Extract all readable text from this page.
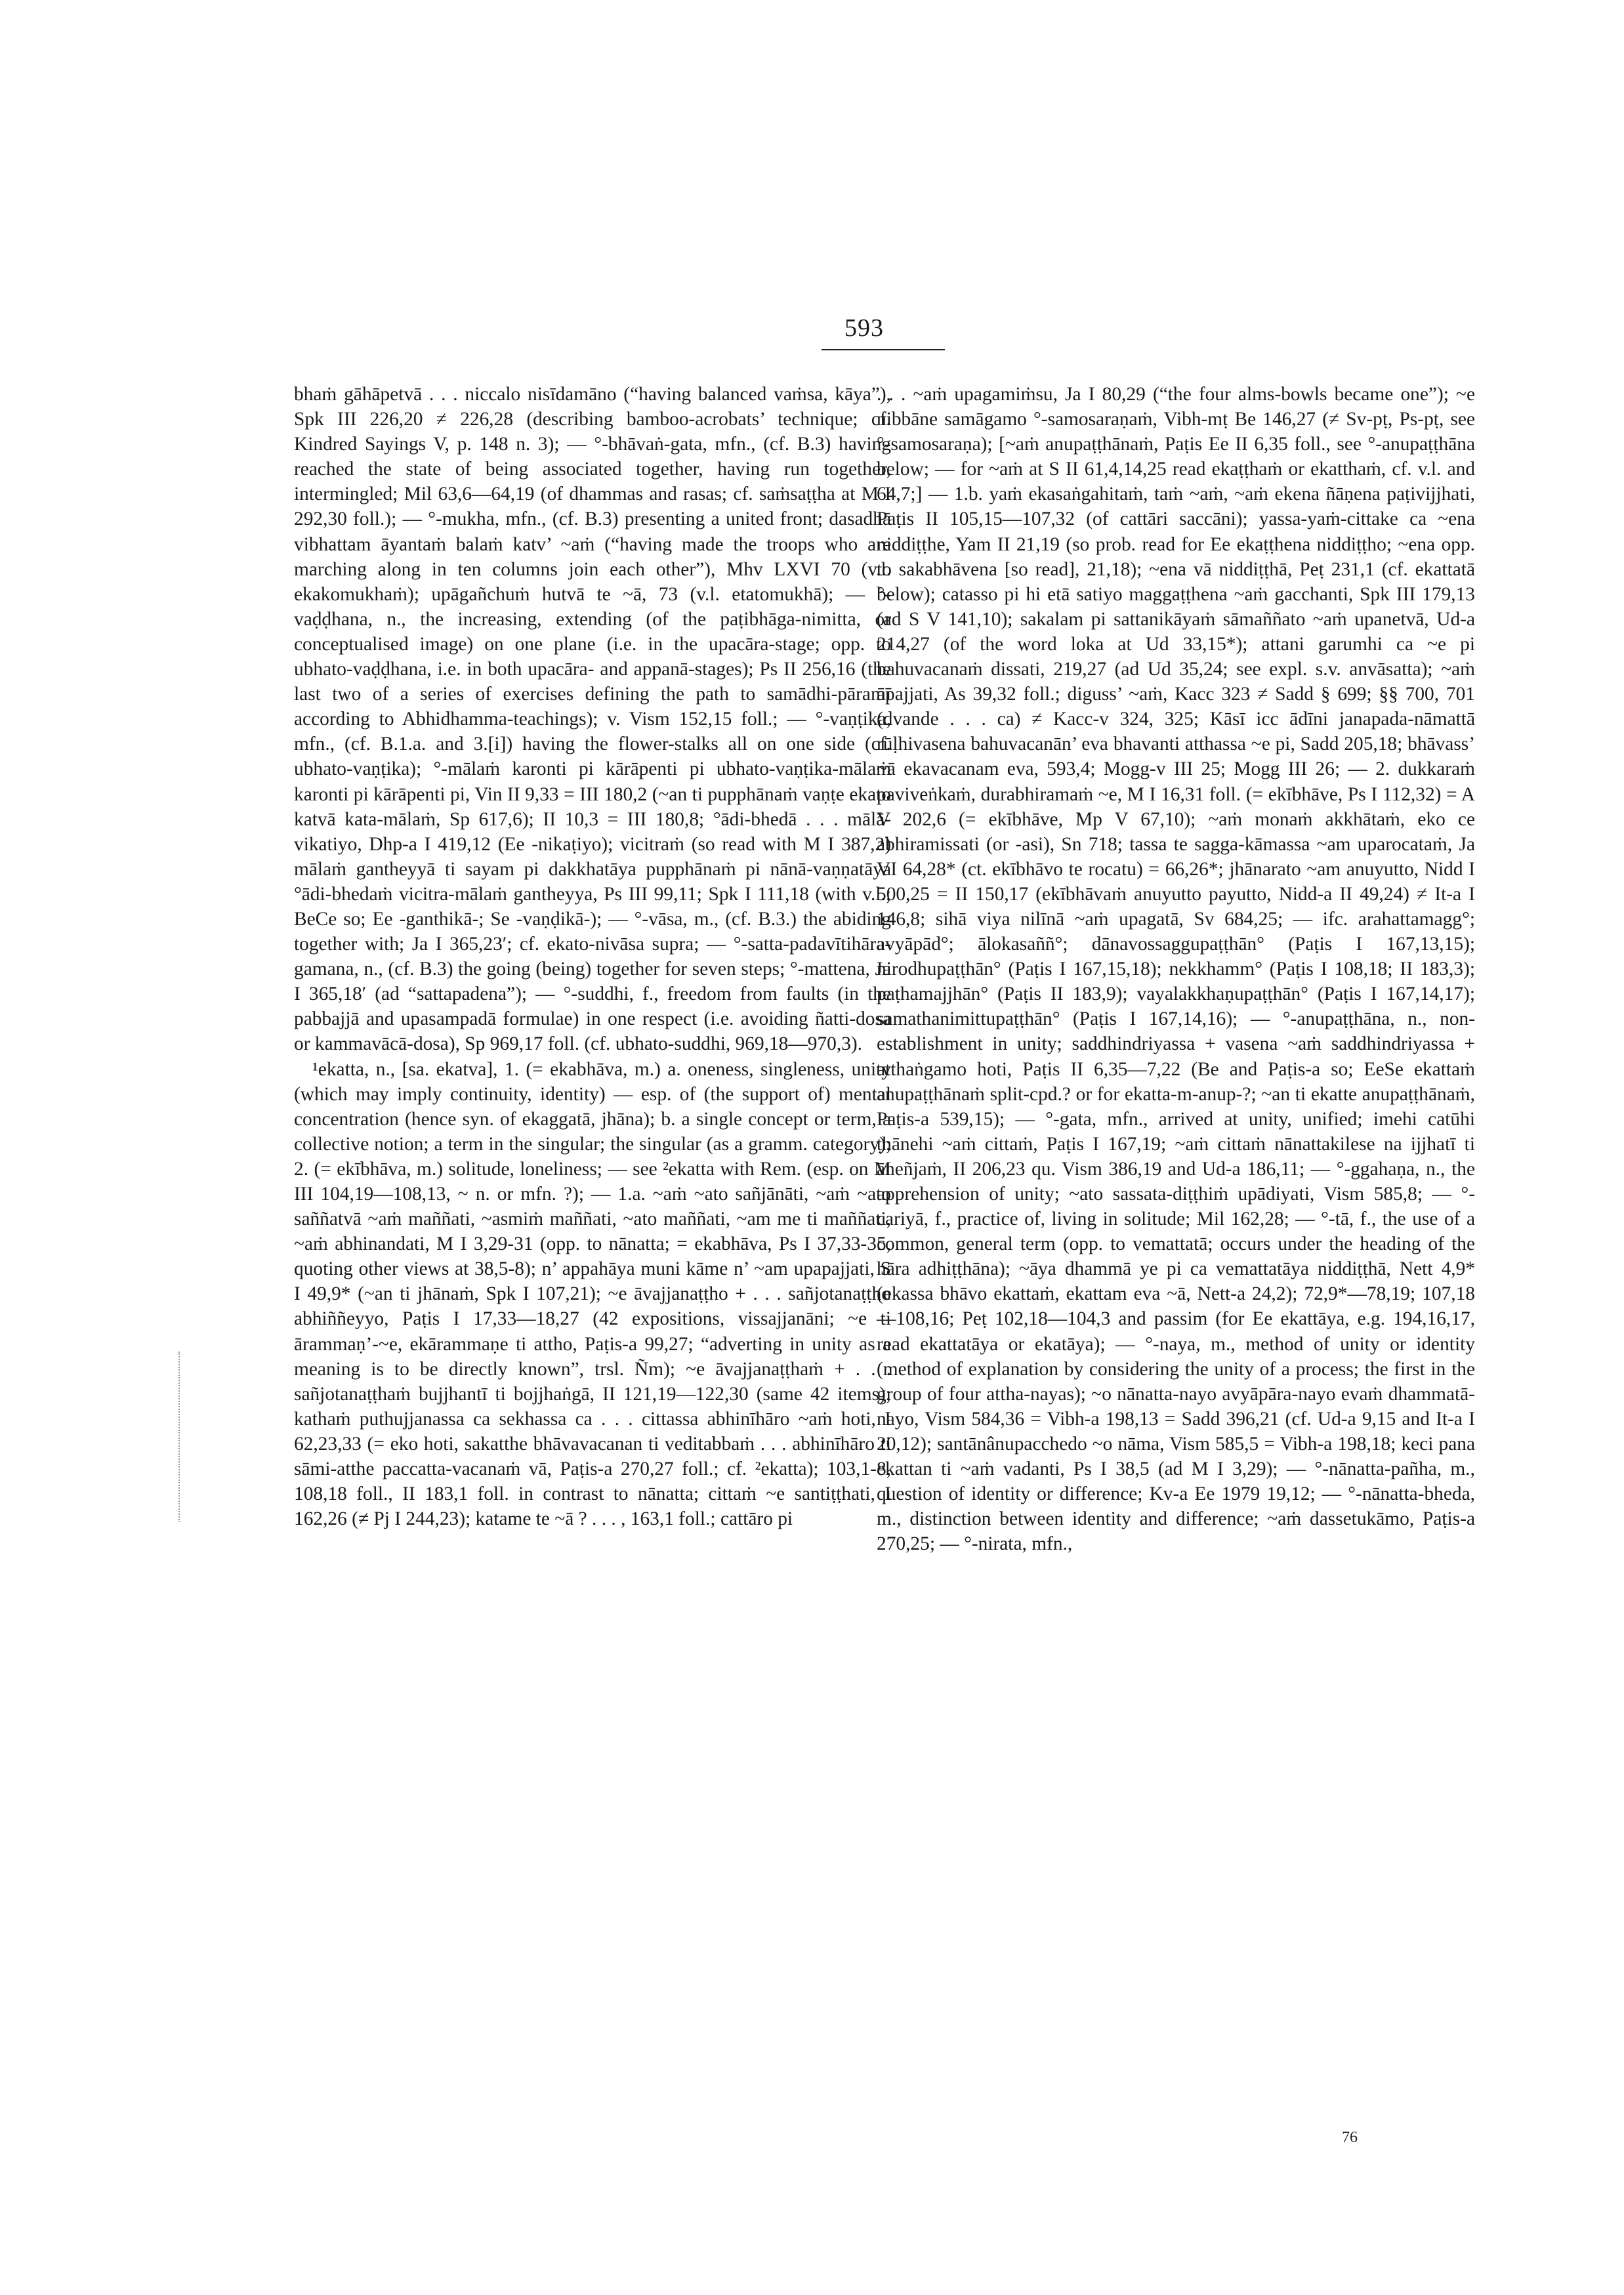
593

bhaṁ gāhāpetvā . . . niccalo nisīdamāno (“having balanced vaṁsa, kāya”), Spk III 226,20 ≠ 226,28 (describing bamboo-acrobats’ technique; cf. Kindred Sayings V, p. 148 n. 3); — °-bhāvaṅ-gata, mfn., (cf. B.3) having reached the state of being associated together, having run together, intermingled; Mil 63,6—64,19 (of dhammas and rasas; cf. saṁsaṭṭha at M I 292,30 foll.); — °-mukha, mfn., (cf. B.3) presenting a united front; dasadhā vibhattam āyantaṁ balaṁ katv’ ~aṁ (“having made the troops who are marching along in ten columns join each other”), Mhv LXVI 70 (v.l. ekakomukhaṁ); upāgañchuṁ hutvā te ~ā, 73 (v.l. etatomukhā); — °-vaḍḍhana, n., the increasing, extending (of the paṭibhāga-nimitta, or conceptualised image) on one plane (i.e. in the upacāra-stage; opp. to ubhato-vaḍḍhana, i.e. in both upacāra- and appanā-stages); Ps II 256,16 (the last two of a series of exercises defining the path to samādhi-pāramī according to Abhidhamma-teachings); v. Vism 152,15 foll.; — °-vaṇṭika, mfn., (cf. B.1.a. and 3.[i]) having the flower-stalks all on one side (cf. ubhato-vaṇṭika); °-mālaṁ karonti pi kārāpenti pi ubhato-vaṇṭika-mālaṁ karonti pi kārāpenti pi, Vin II 9,33 = III 180,2 (~an ti pupphānaṁ vaṇṭe ekato katvā kata-mālaṁ, Sp 617,6); II 10,3 = III 180,8; °ādi-bhedā . . . mālā-vikatiyo, Dhp-a I 419,12 (Ee -nikaṭiyo); vicitraṁ (so read with M I 387,2) mālaṁ gantheyyā ti sayam pi dakkhatāya pupphānaṁ pi nānā-vaṇṇatāya °ādi-bhedaṁ vicitra-mālaṁ gantheyya, Ps III 99,11; Spk I 111,18 (with v.l.; BeCe so; Ee -ganthikā-; Se -vaṇḍikā-); — °-vāsa, m., (cf. B.3.) the abiding together with; Ja I 365,23′; cf. ekato-nivāsa supra; — °-satta-padavītihāra-gamana, n., (cf. B.3) the going (being) together for seven steps; °-mattena, Ja I 365,18′ (ad “sattapadena”); — °-suddhi, f., freedom from faults (in the pabbajjā and upasampadā formulae) in one respect (i.e. avoiding ñatti-dosa or kammavācā-dosa), Sp 969,17 foll. (cf. ubhato-suddhi, 969,18—970,3).

¹ekatta, n., [sa. ekatva], 1. (= ekabhāva, m.) a. oneness, singleness, unity (which may imply continuity, identity) — esp. of (the support of) mental concentration (hence syn. of ekaggatā, jhāna); b. a single concept or term, a collective notion; a term in the singular; the singular (as a gramm. category); 2. (= ekībhāva, m.) solitude, loneliness; — see ²ekatta with Rem. (esp. on M III 104,19—108,13, ~ n. or mfn. ?); — 1.a. ~aṁ ~ato sañjānāti, ~aṁ ~ato saññatvā ~aṁ maññati, ~asmiṁ maññati, ~ato maññati, ~am me ti maññati, ~aṁ abhinandati, M I 3,29-31 (opp. to nānatta; = ekabhāva, Ps I 37,33-35, quoting other views at 38,5-8); n’ appahāya muni kāme n’ ~am upapajjati, S I 49,9* (~an ti jhānaṁ, Spk I 107,21); ~e āvajjanaṭṭho + . . . sañjotanaṭṭho abhiññeyyo, Paṭis I 17,33—18,27 (42 expositions, vissajjanāni; ~e ti ārammaṇ’-~e, ekārammaṇe ti attho, Paṭis-a 99,27; “adverting in unity as a meaning is to be directly known”, trsl. Ñm); ~e āvajjanaṭṭhaṁ + . . . sañjotanaṭṭhaṁ bujjhantī ti bojjhaṅgā, II 121,19—122,30 (same 42 items); kathaṁ puthujjanassa ca sekhassa ca . . . cittassa abhinīhāro ~aṁ hoti, I 62,23,33 (= eko hoti, sakatthe bhāvavacanan ti veditabbaṁ . . . abhinīhāro ti sāmi-atthe paccatta-vacanaṁ vā, Paṭis-a 270,27 foll.; cf. ²ekatta); 103,1-8, 108,18 foll., II 183,1 foll. in contrast to nānatta; cittaṁ ~e santiṭṭhati, I 162,26 (≠ Pj I 244,23); katame te ~ā ? . . . , 163,1 foll.; cattāro pi

. . . ~aṁ upagamiṁsu, Ja I 80,29 (“the four alms-bowls became one”); ~e nibbāne samāgamo °-samosaraṇaṁ, Vibh-mṭ Be 146,27 (≠ Sv-pṭ, Ps-pṭ, see °-samosaraṇa); [~aṁ anupaṭṭhānaṁ, Paṭis Ee II 6,35 foll., see °-anupaṭṭhāna below; — for ~aṁ at S II 61,4,14,25 read ekaṭṭhaṁ or ekatthaṁ, cf. v.l. and 64,7;] — 1.b. yaṁ ekasaṅgahitaṁ, taṁ ~aṁ, ~aṁ ekena ñāṇena paṭivijjhati, Paṭis II 105,15—107,32 (of cattāri saccāni); yassa-yaṁ-cittake ca ~ena niddiṭṭhe, Yam II 21,19 (so prob. read for Ee ekaṭṭhena niddiṭṭho; ~ena opp. to sakabhāvena [so read], 21,18); ~ena vā niddiṭṭhā, Peṭ 231,1 (cf. ekattatā below); catasso pi hi etā satiyo maggaṭṭhena ~aṁ gacchanti, Spk III 179,13 (ad S V 141,10); sakalam pi sattanikāyaṁ sāmaññato ~aṁ upanetvā, Ud-a 214,27 (of the word loka at Ud 33,15*); attani garumhi ca ~e pi bahuvacanaṁ dissati, 219,27 (ad Ud 35,24; see expl. s.v. anvāsatta); ~aṁ āpajjati, As 39,32 foll.; diguss’ ~aṁ, Kacc 323 ≠ Sadd § 699; §§ 700, 701 (dvande . . . ca) ≠ Kacc-v 324, 325; Kāsī icc ādīni janapada-nāmattā rūḷhivasena bahuvacanān’ eva bhavanti atthassa ~e pi, Sadd 205,18; bhāvass’ ~ā ekavacanam eva, 593,4; Mogg-v III 25; Mogg III 26; — 2. dukkaraṁ paviveṅkaṁ, durabhiramaṁ ~e, M I 16,31 foll. (= ekībhāve, Ps I 112,32) = A V 202,6 (= ekībhāve, Mp V 67,10); ~aṁ monaṁ akkhātaṁ, eko ce abhiramissati (or -asi), Sn 718; tassa te sagga-kāmassa ~am uparocataṁ, Ja VI 64,28* (ct. ekībhāvo te rocatu) = 66,26*; jhānarato ~am anuyutto, Nidd I 500,25 = II 150,17 (ekībhāvaṁ anuyutto payutto, Nidd-a II 49,24) ≠ It-a I 146,8; sihā viya nilīnā ~aṁ upagatā, Sv 684,25; — ifc. arahattamagg°; avyāpād°; ālokasaññ°; dānavossaggupaṭṭhān° (Paṭis I 167,13,15); nirodhupaṭṭhān° (Paṭis I 167,15,18); nekkhamm° (Paṭis I 108,18; II 183,3); paṭhamajjhān° (Paṭis II 183,9); vayalakkhaṇupaṭṭhān° (Paṭis I 167,14,17); samathanimittupaṭṭhān° (Paṭis I 167,14,16); — °-anupaṭṭhāna, n., non-establishment in unity; saddhindriyassa + vasena ~aṁ saddhindriyassa + atthaṅgamo hoti, Paṭis II 6,35—7,22 (Be and Paṭis-a so; EeSe ekattaṁ anupaṭṭhānaṁ split-cpd.? or for ekatta-m-anup-?; ~an ti ekatte anupaṭṭhānaṁ, Paṭis-a 539,15); — °-gata, mfn., arrived at unity, unified; imehi catūhi ṭhānehi ~aṁ cittaṁ, Paṭis I 167,19; ~aṁ cittaṁ nānattakilese na ijjhatī ti āneñjaṁ, II 206,23 qu. Vism 386,19 and Ud-a 186,11; — °-ggahaṇa, n., the apprehension of unity; ~ato sassata-diṭṭhiṁ upādiyati, Vism 585,8; — °-cariyā, f., practice of, living in solitude; Mil 162,28; — °-tā, f., the use of a common, general term (opp. to vemattatā; occurs under the heading of the hāra adhiṭṭhāna); ~āya dhammā ye pi ca vemattatāya niddiṭṭhā, Nett 4,9* (ekassa bhāvo ekattaṁ, ekattam eva ~ā, Nett-a 24,2); 72,9*—78,19; 107,18—108,16; Peṭ 102,18—104,3 and passim (for Ee ekattāya, e.g. 194,16,17, read ekattatāya or ekatāya); — °-naya, m., method of unity or identity (method of explanation by considering the unity of a process; the first in the group of four attha-nayas); ~o nānatta-nayo avyāpāra-nayo evaṁ dhammatā-nayo, Vism 584,36 = Vibh-a 198,13 = Sadd 396,21 (cf. Ud-a 9,15 and It-a I 20,12); santānânupacchedo ~o nāma, Vism 585,5 = Vibh-a 198,18; keci pana ekattan ti ~aṁ vadanti, Ps I 38,5 (ad M I 3,29); — °-nānatta-pañha, m., question of identity or difference; Kv-a Ee 1979 19,12; — °-nānatta-bheda, m., distinction between identity and difference; ~aṁ dassetukāmo, Paṭis-a 270,25; — °-nirata, mfn.,

76
